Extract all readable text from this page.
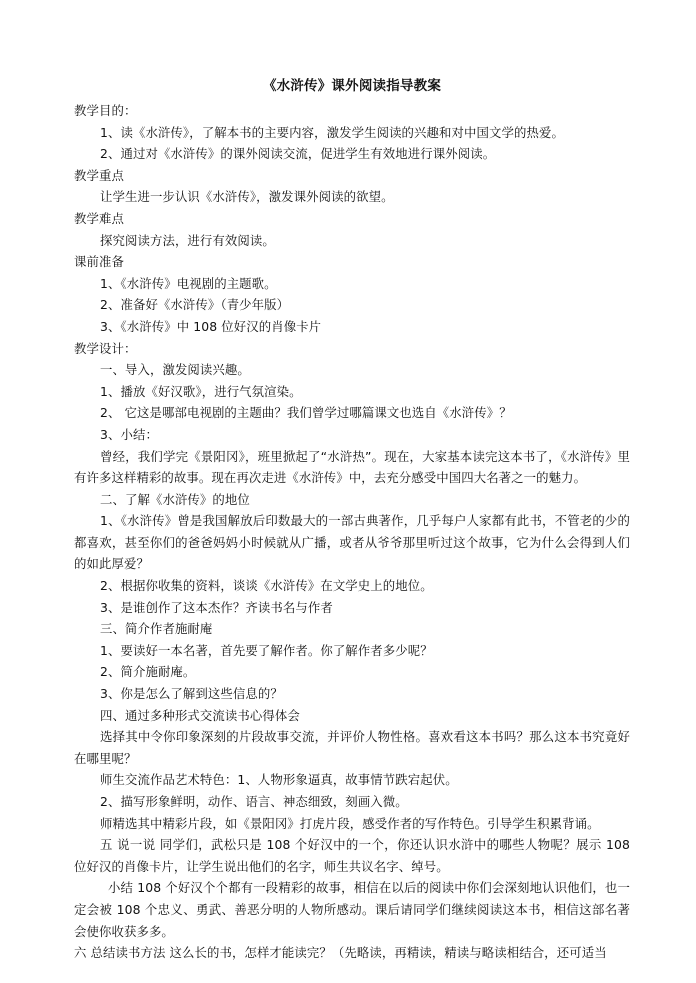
《水浒传》课外阅读指导教案
教学目的：
1、读《水浒传》，了解本书的主要内容，激发学生阅读的兴趣和对中国文学的热爱。
2、通过对《水浒传》的课外阅读交流，促进学生有效地进行课外阅读。
教学重点
让学生进一步认识《水浒传》，激发课外阅读的欲望。
教学难点
探究阅读方法，进行有效阅读。
课前准备
1、《水浒传》电视剧的主题歌。
2、准备好《水浒传》（青少年版）
3、《水浒传》中 108 位好汉的肖像卡片
教学设计：
一、导入，激发阅读兴趣。
1、播放《好汉歌》，进行气氛渲染。
2、 它这是哪部电视剧的主题曲？我们曾学过哪篇课文也选自《水浒传》？
3、小结：
曾经，我们学完《景阳冈》，班里掀起了“水浒热”。现在，大家基本读完这本书了，《水浒传》里有许多这样精彩的故事。现在再次走进《水浒传》中，去充分感受中国四大名著之一的魅力。
二、了解《水浒传》的地位
1、《水浒传》曾是我国解放后印数最大的一部古典著作，几乎每户人家都有此书，不管老的少的都喜欢，甚至你们的爸爸妈妈小时候就从广播，或者从爷爷那里听过这个故事，它为什么会得到人们的如此厚爱？
2、根据你收集的资料，谈谈《水浒传》在文学史上的地位。
3、是谁创作了这本杰作？齐读书名与作者
三、简介作者施耐庵
1、要读好一本名著，首先要了解作者。你了解作者多少呢？
2、简介施耐庵。
3、你是怎么了解到这些信息的？
四、通过多种形式交流读书心得体会
选择其中令你印象深刻的片段故事交流，并评价人物性格。喜欢看这本书吗？那么这本书究竟好在哪里呢？
师生交流作品艺术特色：1、人物形象逼真，故事情节跌宕起伏。
2、描写形象鲜明，动作、语言、神态细致，刻画入微。
师精选其中精彩片段，如《景阳冈》打虎片段，感受作者的写作特色。引导学生积累背诵。
五 说一说 同学们，武松只是 108 个好汉中的一个，你还认识水浒中的哪些人物呢？展示 108 位好汉的肖像卡片，让学生说出他们的名字，师生共议名字、绰号。
小结 108 个好汉个个都有一段精彩的故事，相信在以后的阅读中你们会深刻地认识他们，也一定会被 108 个忠义、勇武、善恶分明的人物所感动。课后请同学们继续阅读这本书，相信这部名著会使你收获多多。
六 总结读书方法 这么长的书，怎样才能读完？（先略读，再精读，精读与略读相结合，还可适当
